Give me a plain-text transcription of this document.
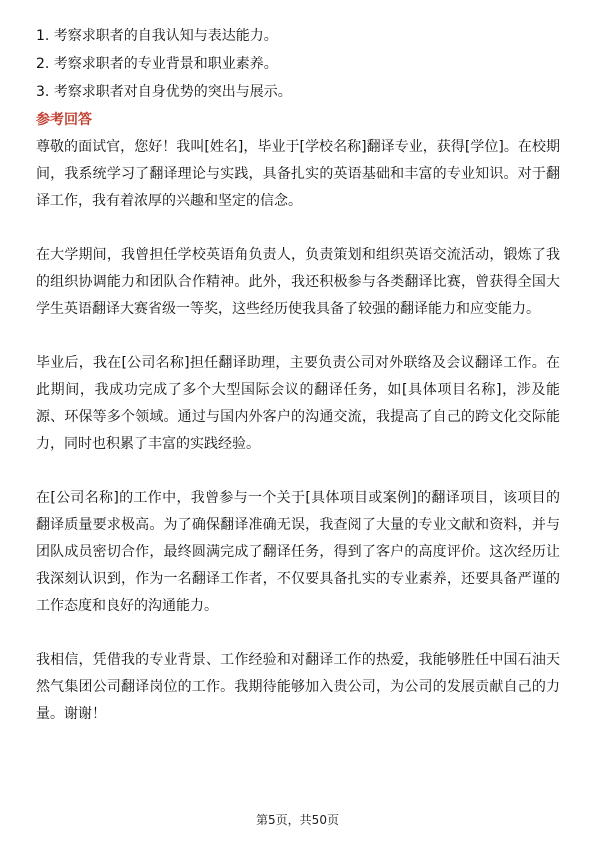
1. 考察求职者的自我认知与表达能力。
2. 考察求职者的专业背景和职业素养。
3. 考察求职者对自身优势的突出与展示。
参考回答

尊敬的面试官，您好！我叫[姓名]，毕业于[学校名称]翻译专业，获得[学位]。在校期间，我系统学习了翻译理论与实践，具备扎实的英语基础和丰富的专业知识。对于翻译工作，我有着浓厚的兴趣和坚定的信念。

在大学期间，我曾担任学校英语角负责人，负责策划和组织英语交流活动，锻炼了我的组织协调能力和团队合作精神。此外，我还积极参与各类翻译比赛，曾获得全国大学生英语翻译大赛省级一等奖，这些经历使我具备了较强的翻译能力和应变能力。

毕业后，我在[公司名称]担任翻译助理，主要负责公司对外联络及会议翻译工作。在此期间，我成功完成了多个大型国际会议的翻译任务，如[具体项目名称]，涉及能源、环保等多个领域。通过与国内外客户的沟通交流，我提高了自己的跨文化交际能力，同时也积累了丰富的实践经验。

在[公司名称]的工作中，我曾参与一个关于[具体项目或案例]的翻译项目，该项目的翻译质量要求极高。为了确保翻译准确无误，我查阅了大量的专业文献和资料，并与团队成员密切合作，最终圆满完成了翻译任务，得到了客户的高度评价。这次经历让我深刻认识到，作为一名翻译工作者，不仅要具备扎实的专业素养，还要具备严谨的工作态度和良好的沟通能力。

我相信，凭借我的专业背景、工作经验和对翻译工作的热爱，我能够胜任中国石油天然气集团公司翻译岗位的工作。我期待能够加入贵公司，为公司的发展贡献自己的力量。谢谢！

第5页，共50页
